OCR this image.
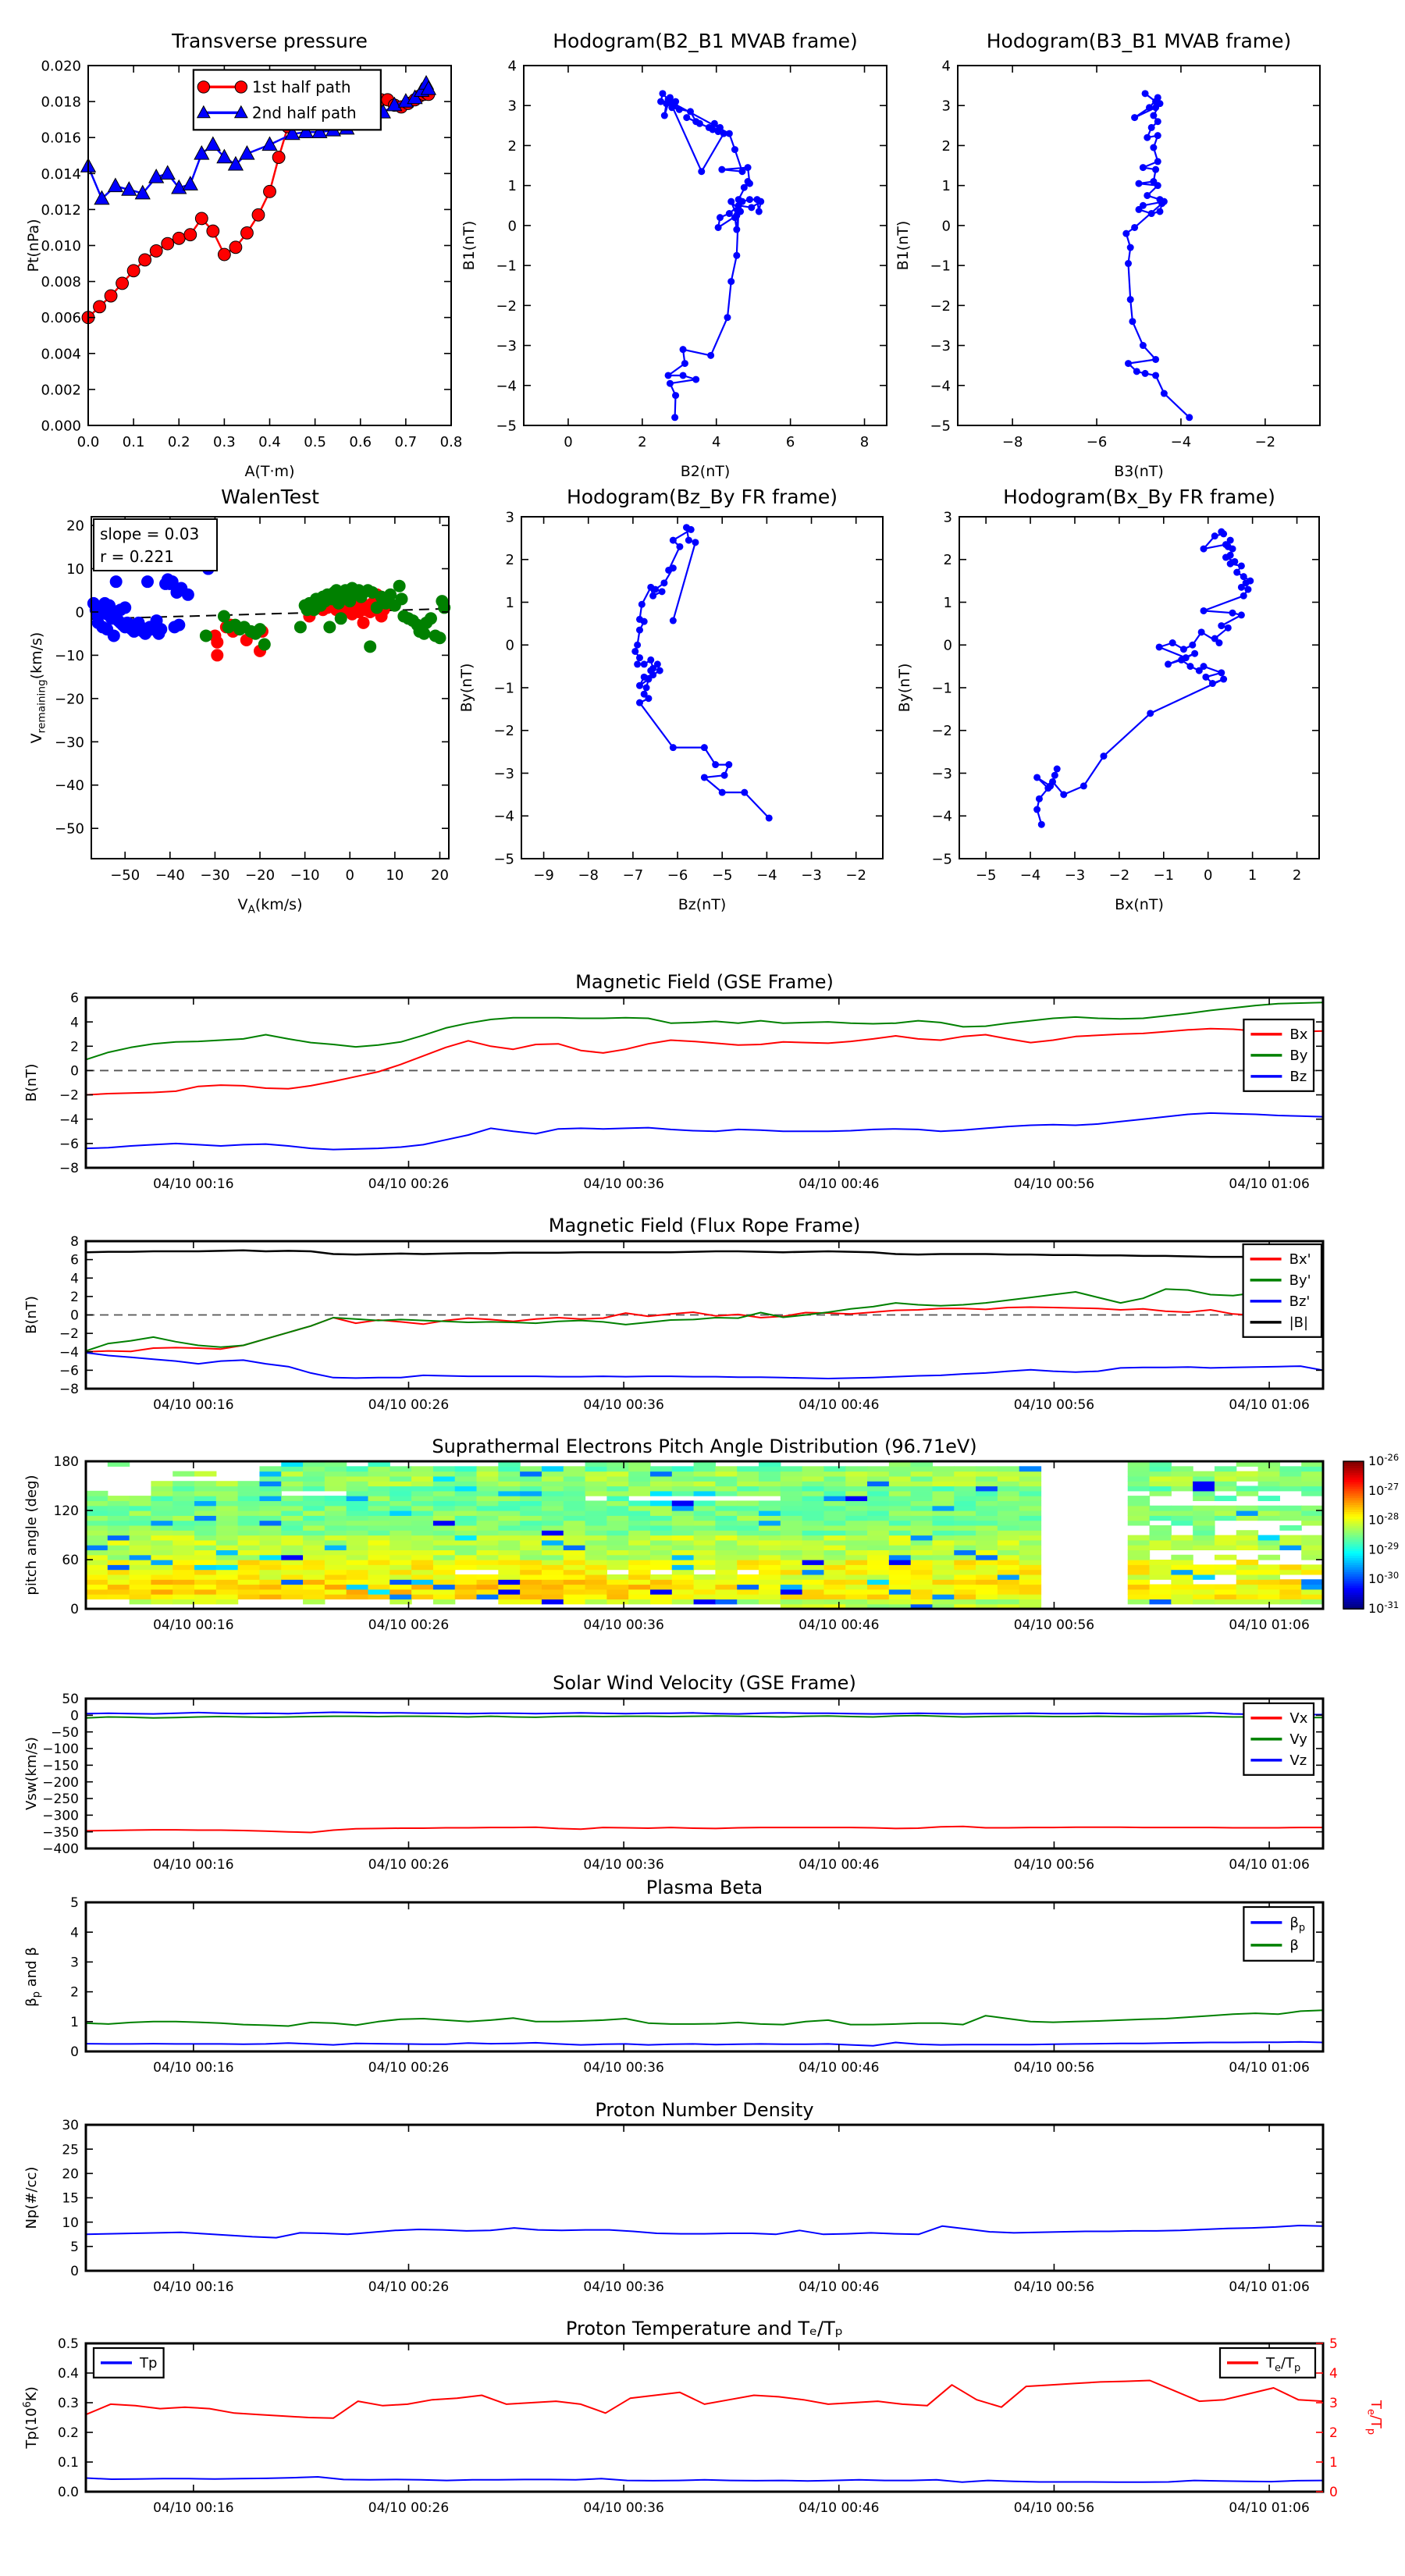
0.0 0.1 0.2 0.3 0.4 0.5 0.6 0.7 0.8
0.000
0.002
0.004
0.006
0.008
0.010
0.012
0.014
0.016
0.018
0.020
A(T·m)
Pt(nPa)
1st half path
2nd half path
Transverse pressure
0	2	4	6	8
4
3
2
1
0
−1
−2
−3
−4
−5
B2(nT)
B1(nT)
Hodogram(B2_B1 MVAB frame)
−8	−6	−4	−2
4
3
2
1
0
−1
−2
−3
−4
−5
B3(nT)
B1(nT)
Hodogram(B3_B1 MVAB frame)
−50 −40 −30 −20 −10 0 10 20
20
10
0
−10
−20
−30
−40
−50
$V_A(km/s)$
$V_{remaining}(km/s)$
slope = 0.03
r = 0.221
WalenTest
−9 −8 −7 −6 −5 −4 −3 −2
3
2
1
0
−1
−2
−3
−4
−5
Bz(nT)
By(nT)
Hodogram(Bz_By FR frame)
−5 −4 −3 −2 −1 0	1	2
3
2
1
0
−1
−2
−3
−4
−5
Bx(nT)
By(nT)
Hodogram(Bx_By FR frame)
04/10 00:16	04/10 00:26	04/10 00:36	04/10 00:46	04/10 00:56	04/10 01:06
6
4
2
0
−2
−4
−6
−8
B(nT)
Bx
By
Bz
Magnetic Field (GSE Frame)
04/10 00:16	04/10 00:26	04/10 00:36	04/10 00:46	04/10 00:56	04/10 01:06
8
6
4
2
0
−2
−4
−6
−8
B(nT)
Bx'
By'
Bz'
|B|
Magnetic Field (Flux Rope Frame)
$10^{-26}$
$10^{-27}$
$10^{-28}$
$10^{-29}$
$10^{-30}$
$10^{-31}$
04/10 00:16	04/10 00:26	04/10 00:36	04/10 00:46	04/10 00:56	04/10 01:06
0
60
120
180
pitch angle (deg)
Suprathermal Electrons Pitch Angle Distribution (96.71eV)
04/10 00:16	04/10 00:26	04/10 00:36	04/10 00:46	04/10 00:56	04/10 01:06
50
0
−50
−100
−150
−200
−250
−300
−350
−400
Vsw(km/s)
Vx
Vy
Vz
Solar Wind Velocity (GSE Frame)
04/10 00:16	04/10 00:26	04/10 00:36	04/10 00:46	04/10 00:56	04/10 01:06
0
1
2
3
4
5
$\beta_p$ and β
$\beta_p$
β
Plasma Beta
04/10 00:16	04/10 00:26	04/10 00:36	04/10 00:46	04/10 00:56	04/10 01:06
0
5
10
15
20
25
30
Np(#/cc)
Proton Number Density
04/10 00:16	04/10 00:26	04/10 00:36	04/10 00:46	04/10 00:56	04/10 01:06
0.0
0.1
0.2
0.3
0.4
0.5
0
1
2
3
4
5
$T_e/T_p$
$Tp(10^6K)$
Tp	$T_e/T_p$
Proton Temperature and Tₑ/Tₚ
